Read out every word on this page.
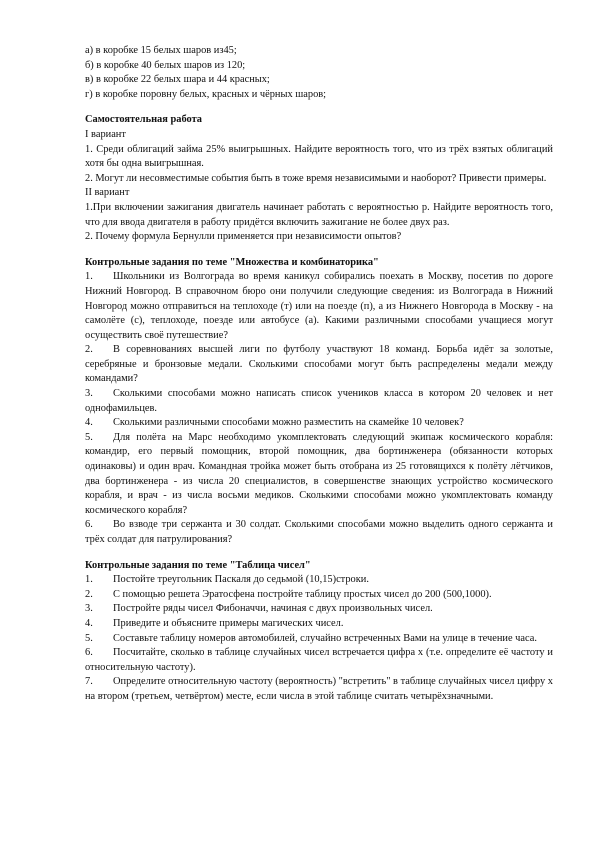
а) в коробке 15 белых шаров из45;

б) в коробке 40 белых шаров из 120;

в) в коробке 22 белых шара и 44 красных;

г) в коробке поровну белых, красных и чёрных шаров;

Самостоятельная работа

I вариант

1. Среди облигаций займа 25% выигрышных. Найдите вероятность того, что из трёх взятых облигаций хотя бы одна выигрышная.

2. Могут ли несовместимые события быть в тоже время независимыми и наоборот? Привести примеры.

II вариант

1.При включении зажигания двигатель начинает работать с вероятностью p. Найдите вероятность того, что для ввода двигателя в работу придётся включить зажигание не более двух раз.

2. Почему формула Бернулли применяется при независимости опытов?

Контрольные задания по теме "Множества и комбинаторика"

1. Школьники из Волгограда во время каникул собирались поехать в Москву, посетив по дороге Нижний Новгород. В справочном бюро они получили следующие сведения: из Волгограда в Нижний Новгород можно отправиться на теплоходе (т) или на поезде (п), а из Нижнего Новгорода в Москву - на самолёте (с), теплоходе, поезде или автобусе (а). Какими различными способами учащиеся могут осуществить своё путешествие?

2. В соревнованиях высшей лиги по футболу участвуют 18 команд. Борьба идёт за золотые, серебряные и бронзовые медали. Сколькими способами могут быть распределены медали между командами?

3. Сколькими способами можно написать список учеников класса в котором 20 человек и нет однофамильцев.

4. Сколькими различными способами можно разместить на скамейке 10 человек?

5. Для полёта на Марс необходимо укомплектовать следующий экипаж космического корабля: командир, его первый помощник, второй помощник, два бортинженера (обязанности которых одинаковы) и один врач. Командная тройка может быть отобрана из 25 готовящихся к полёту лётчиков, два бортинженера - из числа 20 специалистов, в совершенстве знающих устройство космического корабля, и врач - из числа восьми медиков. Сколькими способами можно укомплектовать команду космического корабля?

6. Во взводе три сержанта и 30 солдат. Сколькими способами можно выделить одного сержанта и трёх солдат для патрулирования?

Контрольные задания по теме "Таблица чисел"

1. Постойте треугольник Паскаля до седьмой (10,15)строки.

2. С помощью решета Эратосфена постройте таблицу простых чисел до 200 (500,1000).

3. Постройте ряды чисел Фибоначчи, начиная с двух произвольных чисел.

4. Приведите и объясните примеры магических чисел.

5. Составьте таблицу номеров автомобилей, случайно встреченных Вами на улице в течение часа.

6. Посчитайте, сколько в таблице случайных чисел встречается цифра х (т.е. определите её частоту и относительную частоту).

7. Определите относительную частоту (вероятность) "встретить" в таблице случайных чисел цифру х на втором (третьем, четвёртом) месте, если числа в этой таблице считать четырёхзначными.
